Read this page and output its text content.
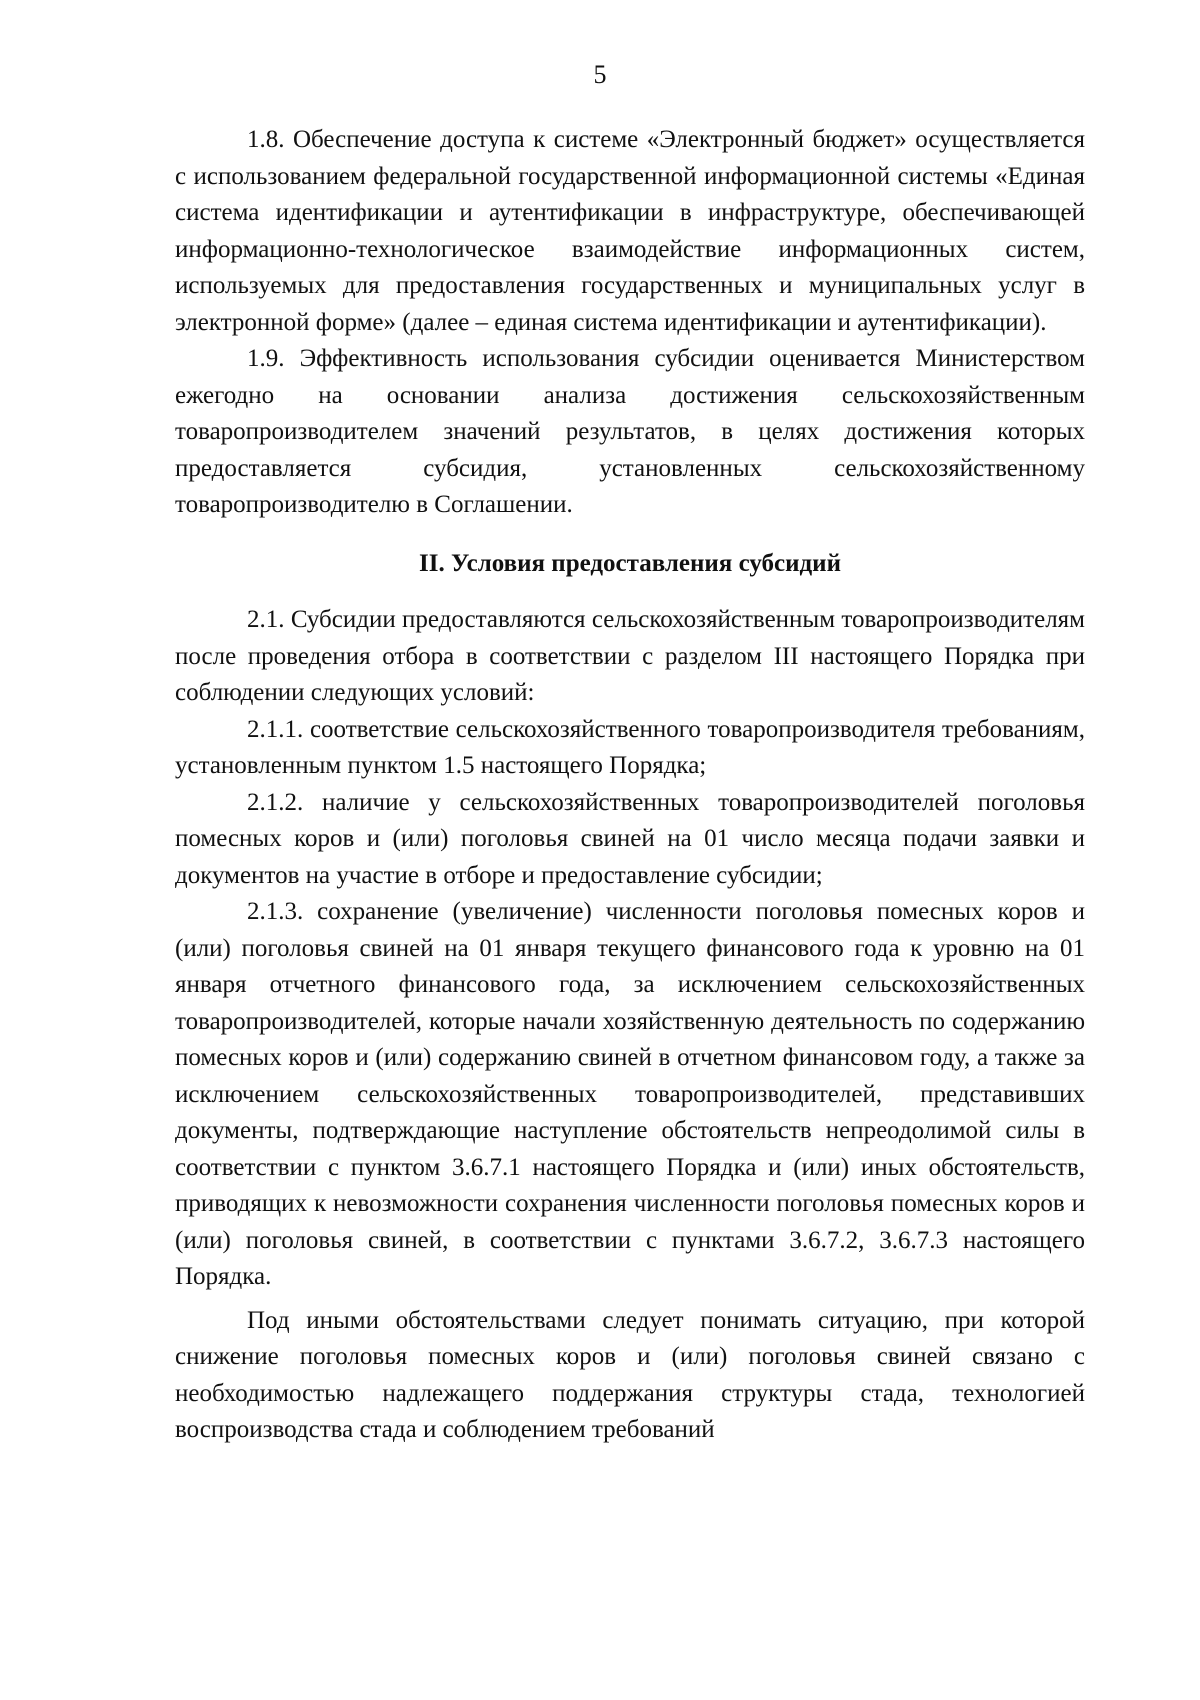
5

1.8. Обеспечение доступа к системе «Электронный бюджет» осуществляется с использованием федеральной государственной информационной системы «Единая система идентификации и аутентификации в инфраструктуре, обеспечивающей информационно-технологическое взаимодействие информационных систем, используемых для предоставления государственных и муниципальных услуг в электронной форме» (далее – единая система идентификации и аутентификации).

1.9. Эффективность использования субсидии оценивается Министерством ежегодно на основании анализа достижения сельскохозяйственным товаропроизводителем значений результатов, в целях достижения которых предоставляется субсидия, установленных сельскохозяйственному товаропроизводителю в Соглашении.

II. Условия предоставления субсидий

2.1. Субсидии предоставляются сельскохозяйственным товаропроизводителям после проведения отбора в соответствии с разделом III настоящего Порядка при соблюдении следующих условий:

2.1.1. соответствие сельскохозяйственного товаропроизводителя требованиям, установленным пунктом 1.5 настоящего Порядка;

2.1.2. наличие у сельскохозяйственных товаропроизводителей поголовья помесных коров и (или) поголовья свиней на 01 число месяца подачи заявки и документов на участие в отборе и предоставление субсидии;

2.1.3. сохранение (увеличение) численности поголовья помесных коров и (или) поголовья свиней на 01 января текущего финансового года к уровню на 01 января отчетного финансового года, за исключением сельскохозяйственных товаропроизводителей, которые начали хозяйственную деятельность по содержанию помесных коров и (или) содержанию свиней в отчетном финансовом году, а также за исключением сельскохозяйственных товаропроизводителей, представивших документы, подтверждающие наступление обстоятельств непреодолимой силы в соответствии с пунктом 3.6.7.1 настоящего Порядка и (или) иных обстоятельств, приводящих к невозможности сохранения численности поголовья помесных коров и (или) поголовья свиней, в соответствии с пунктами 3.6.7.2, 3.6.7.3 настоящего Порядка.

Под иными обстоятельствами следует понимать ситуацию, при которой снижение поголовья помесных коров и (или) поголовья свиней связано с необходимостью надлежащего поддержания структуры стада, технологией воспроизводства стада и соблюдением требований
